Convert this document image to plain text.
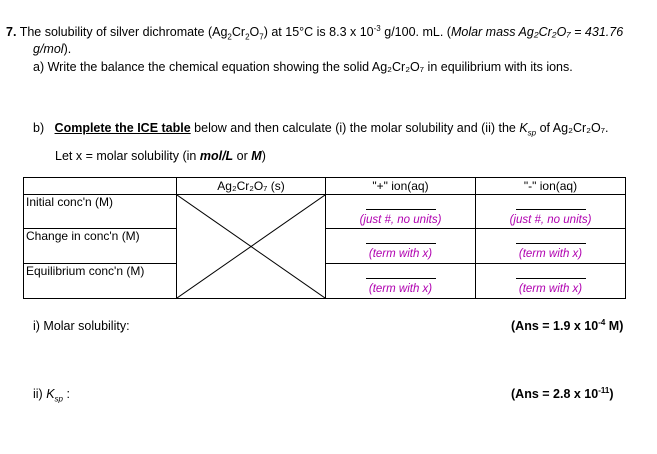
7. The solubility of silver dichromate $(Ag_2Cr_2O_7)$ at 15°C is 8.3 x $10^{-3}$ g/100. mL. (Molar mass Ag₂Cr₂O₇ = 431.76
g/mol).
a) Write the balance the chemical equation showing the solid Ag₂Cr₂O₇ in equilibrium with its ions.
b) Complete the ICE table below and then calculate (i) the molar solubility and (ii) the $K_{sp}$ of Ag₂Cr₂O₇.
Let x = molar solubility (in mol/L or M)
	Ag₂Cr₂O₇ (s)	"+" ion(aq)	"-" ion(aq)
Initial conc'n (M)		(just #, no units)	(just #, no units)

Change in conc'n (M)		(term with x)	(term with x)

Equilibrium conc'n (M)		(term with x)	(term with x)
i) Molar solubility:	(Ans = 1.9 x $10^{-4}$ M)
ii) $K_{sp}$ :	(Ans = 2.8 x $10^{-11}$)
